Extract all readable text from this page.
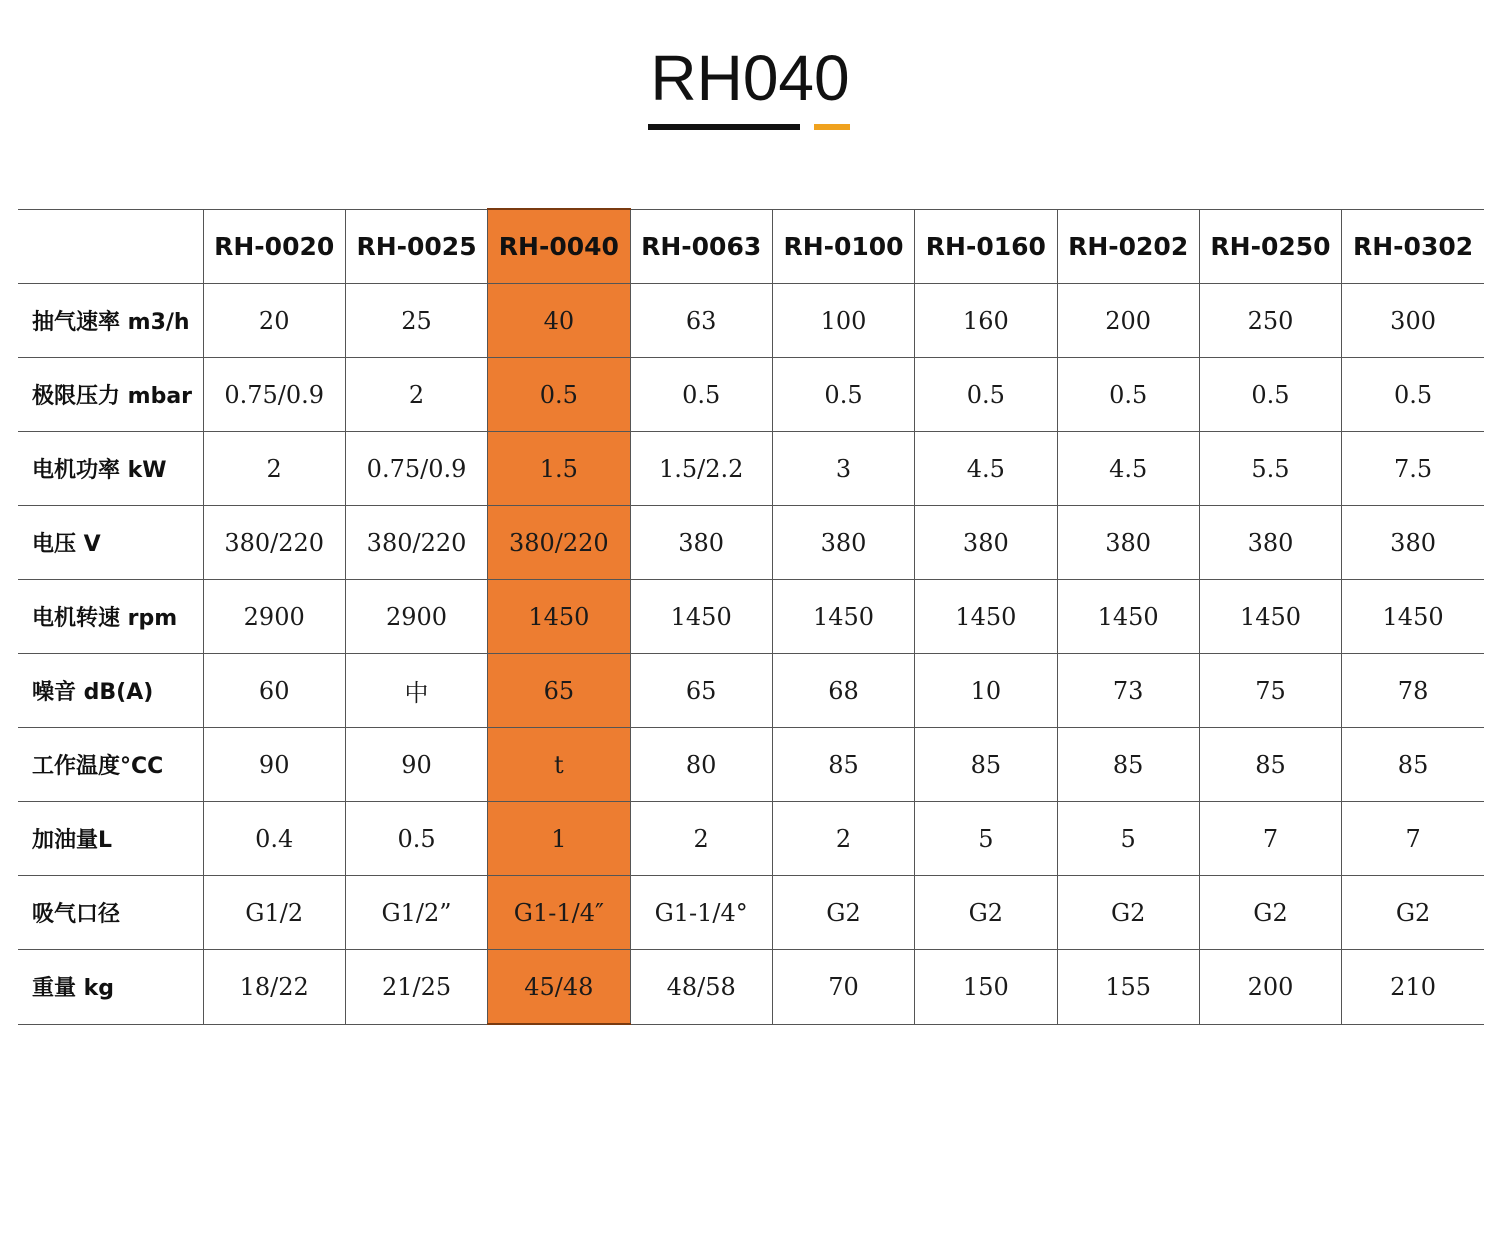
RH040
	RH-0020	RH-0025	RH-0040	RH-0063	RH-0100	RH-0160	RH-0202	RH-0250	RH-0302
抽气速率 m3/h	20	25	40	63	100	160	200	250	300
极限压力 mbar	0.75/0.9	2	0.5	0.5	0.5	0.5	0.5	0.5	0.5
电机功率 kW	2	0.75/0.9	1.5	1.5/2.2	3	4.5	4.5	5.5	7.5
电压 V	380/220	380/220	380/220	380	380	380	380	380	380
电机转速 rpm	2900	2900	1450	1450	1450	1450	1450	1450	1450
噪音 dB(A)	60	中	65	65	68	10	73	75	78
工作温度°CC	90	90	t	80	85	85	85	85	85
加油量L	0.4	0.5	1	2	2	5	5	7	7
吸气口径	G1/2	G1/2”	G1-1/4″	G1-1/4°	G2	G2	G2	G2	G2
重量 kg	18/22	21/25	45/48	48/58	70	150	155	200	210
